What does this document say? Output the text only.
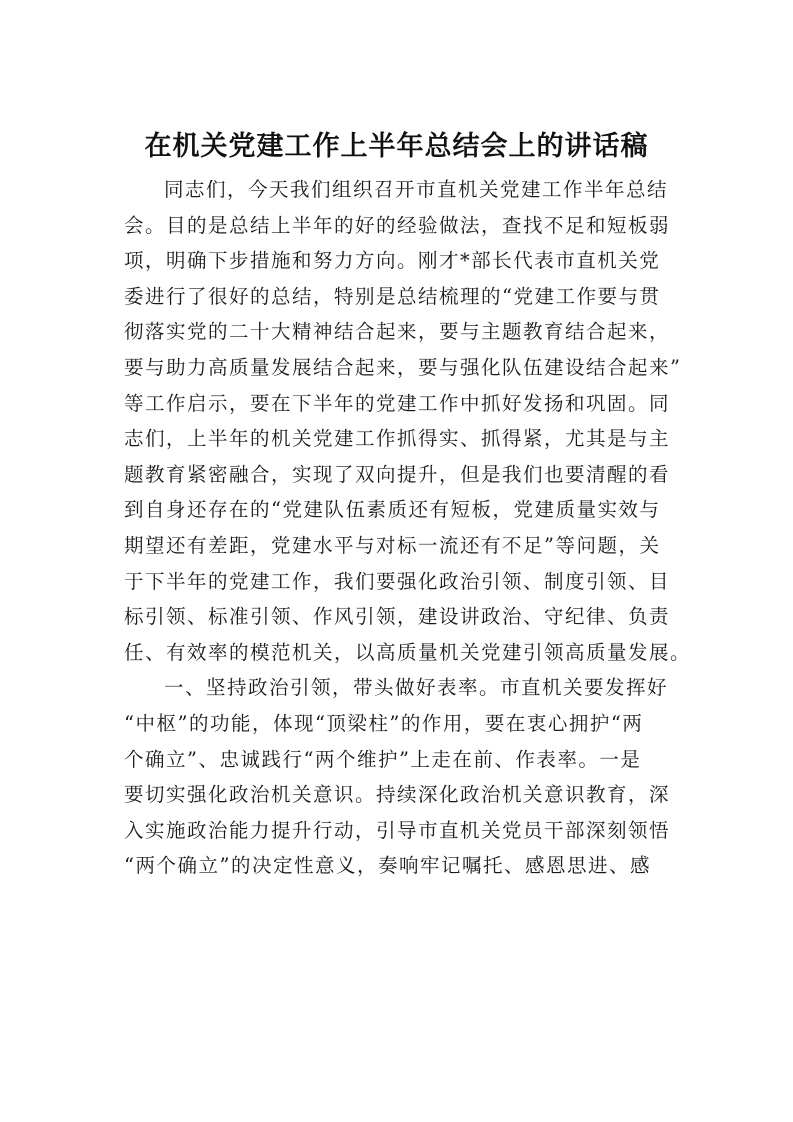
在机关党建工作上半年总结会上的讲话稿
同志们，今天我们组织召开市直机关党建工作半年总结
会。目的是总结上半年的好的经验做法，查找不足和短板弱
项，明确下步措施和努力方向。刚才*部长代表市直机关党
委进行了很好的总结，特别是总结梳理的“党建工作要与贯
彻落实党的二十大精神结合起来，要与主题教育结合起来，
要与助力高质量发展结合起来，要与强化队伍建设结合起来”
等工作启示，要在下半年的党建工作中抓好发扬和巩固。同
志们，上半年的机关党建工作抓得实、抓得紧，尤其是与主
题教育紧密融合，实现了双向提升，但是我们也要清醒的看
到自身还存在的“党建队伍素质还有短板，党建质量实效与
期望还有差距，党建水平与对标一流还有不足”等问题，关
于下半年的党建工作，我们要强化政治引领、制度引领、目
标引领、标准引领、作风引领，建设讲政治、守纪律、负责
任、有效率的模范机关，以高质量机关党建引领高质量发展。
一、坚持政治引领，带头做好表率。市直机关要发挥好
“中枢”的功能，体现“顶梁柱”的作用，要在衷心拥护“两
个确立”、忠诚践行“两个维护”上走在前、作表率。一是
要切实强化政治机关意识。持续深化政治机关意识教育，深
入实施政治能力提升行动，引导市直机关党员干部深刻领悟
“两个确立”的决定性意义，奏响牢记嘱托、感恩思进、感
